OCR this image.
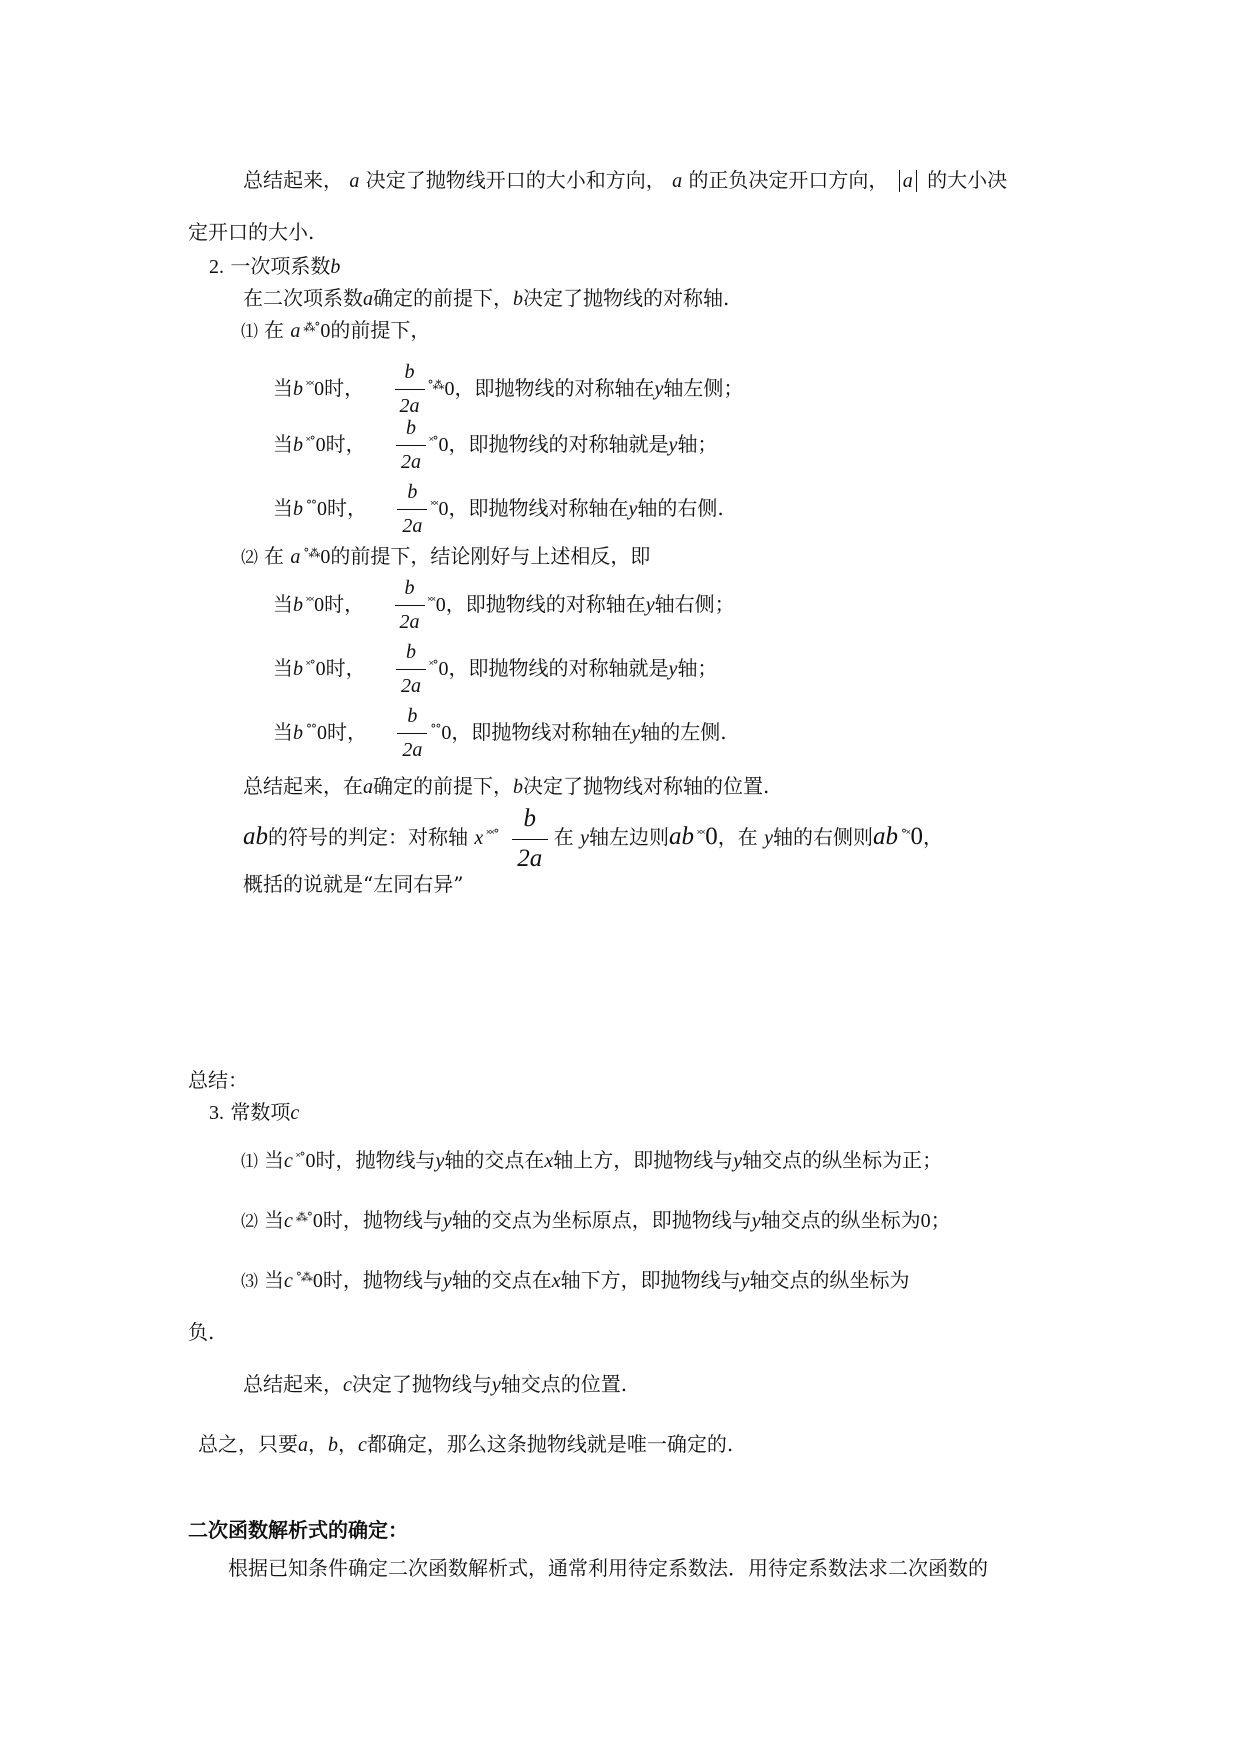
总结起来， a 决定了抛物线开口的大小和方向， a 的正负决定开口方向， a 的大小决
定开口的大小.
2. 一次项系数b
在二次项系数a确定的前提下，b决定了抛物线的对称轴.
⑴ 在 a ⁂°0的前提下，
当b ˟˟0时， $\frac{b}{2a} ^{^\circ⁂}0$，即抛物线的对称轴在y轴左侧；
当b ˟°0时， $\frac{b}{2a} ^{˟^\circ}0$，即抛物线的对称轴就是y轴；
当b °°0时， $\frac{b}{2a} ^{˟˟}0$，即抛物线对称轴在y轴的右侧.
⑵ 在 a °⁂0的前提下，结论刚好与上述相反，即
当b ˟˟0时， $\frac{b}{2a} ^{˟˟}0$，即抛物线的对称轴在y轴右侧；
当b ˟°0时， $\frac{b}{2a} ^{˟^\circ}0$，即抛物线的对称轴就是y轴；
当b °°0时， $\frac{b}{2a} ^{^\circ^\circ}0$，即抛物线对称轴在y轴的左侧.
总结起来，在a确定的前提下，b决定了抛物线对称轴的位置.
ab的符号的判定：对称轴 x $^{˟˟^\circ} \frac{b}{2a}$ 在 y轴左边则ab ˟˟0，在 y轴的右侧则ab °˟0，
概括的说就是“左同右异”
总结：
3. 常数项c
⑴ 当c ˟°0时，抛物线与y轴的交点在x轴上方，即抛物线与y轴交点的纵坐标为正；
⑵ 当c ⁂°0时，抛物线与y轴的交点为坐标原点，即抛物线与y轴交点的纵坐标为0；
⑶ 当c °⁂0时，抛物线与y轴的交点在x轴下方，即抛物线与y轴交点的纵坐标为
负.
总结起来，c决定了抛物线与y轴交点的位置.
总之，只要a，b，c都确定，那么这条抛物线就是唯一确定的.
二次函数解析式的确定：
根据已知条件确定二次函数解析式，通常利用待定系数法．用待定系数法求二次函数的
